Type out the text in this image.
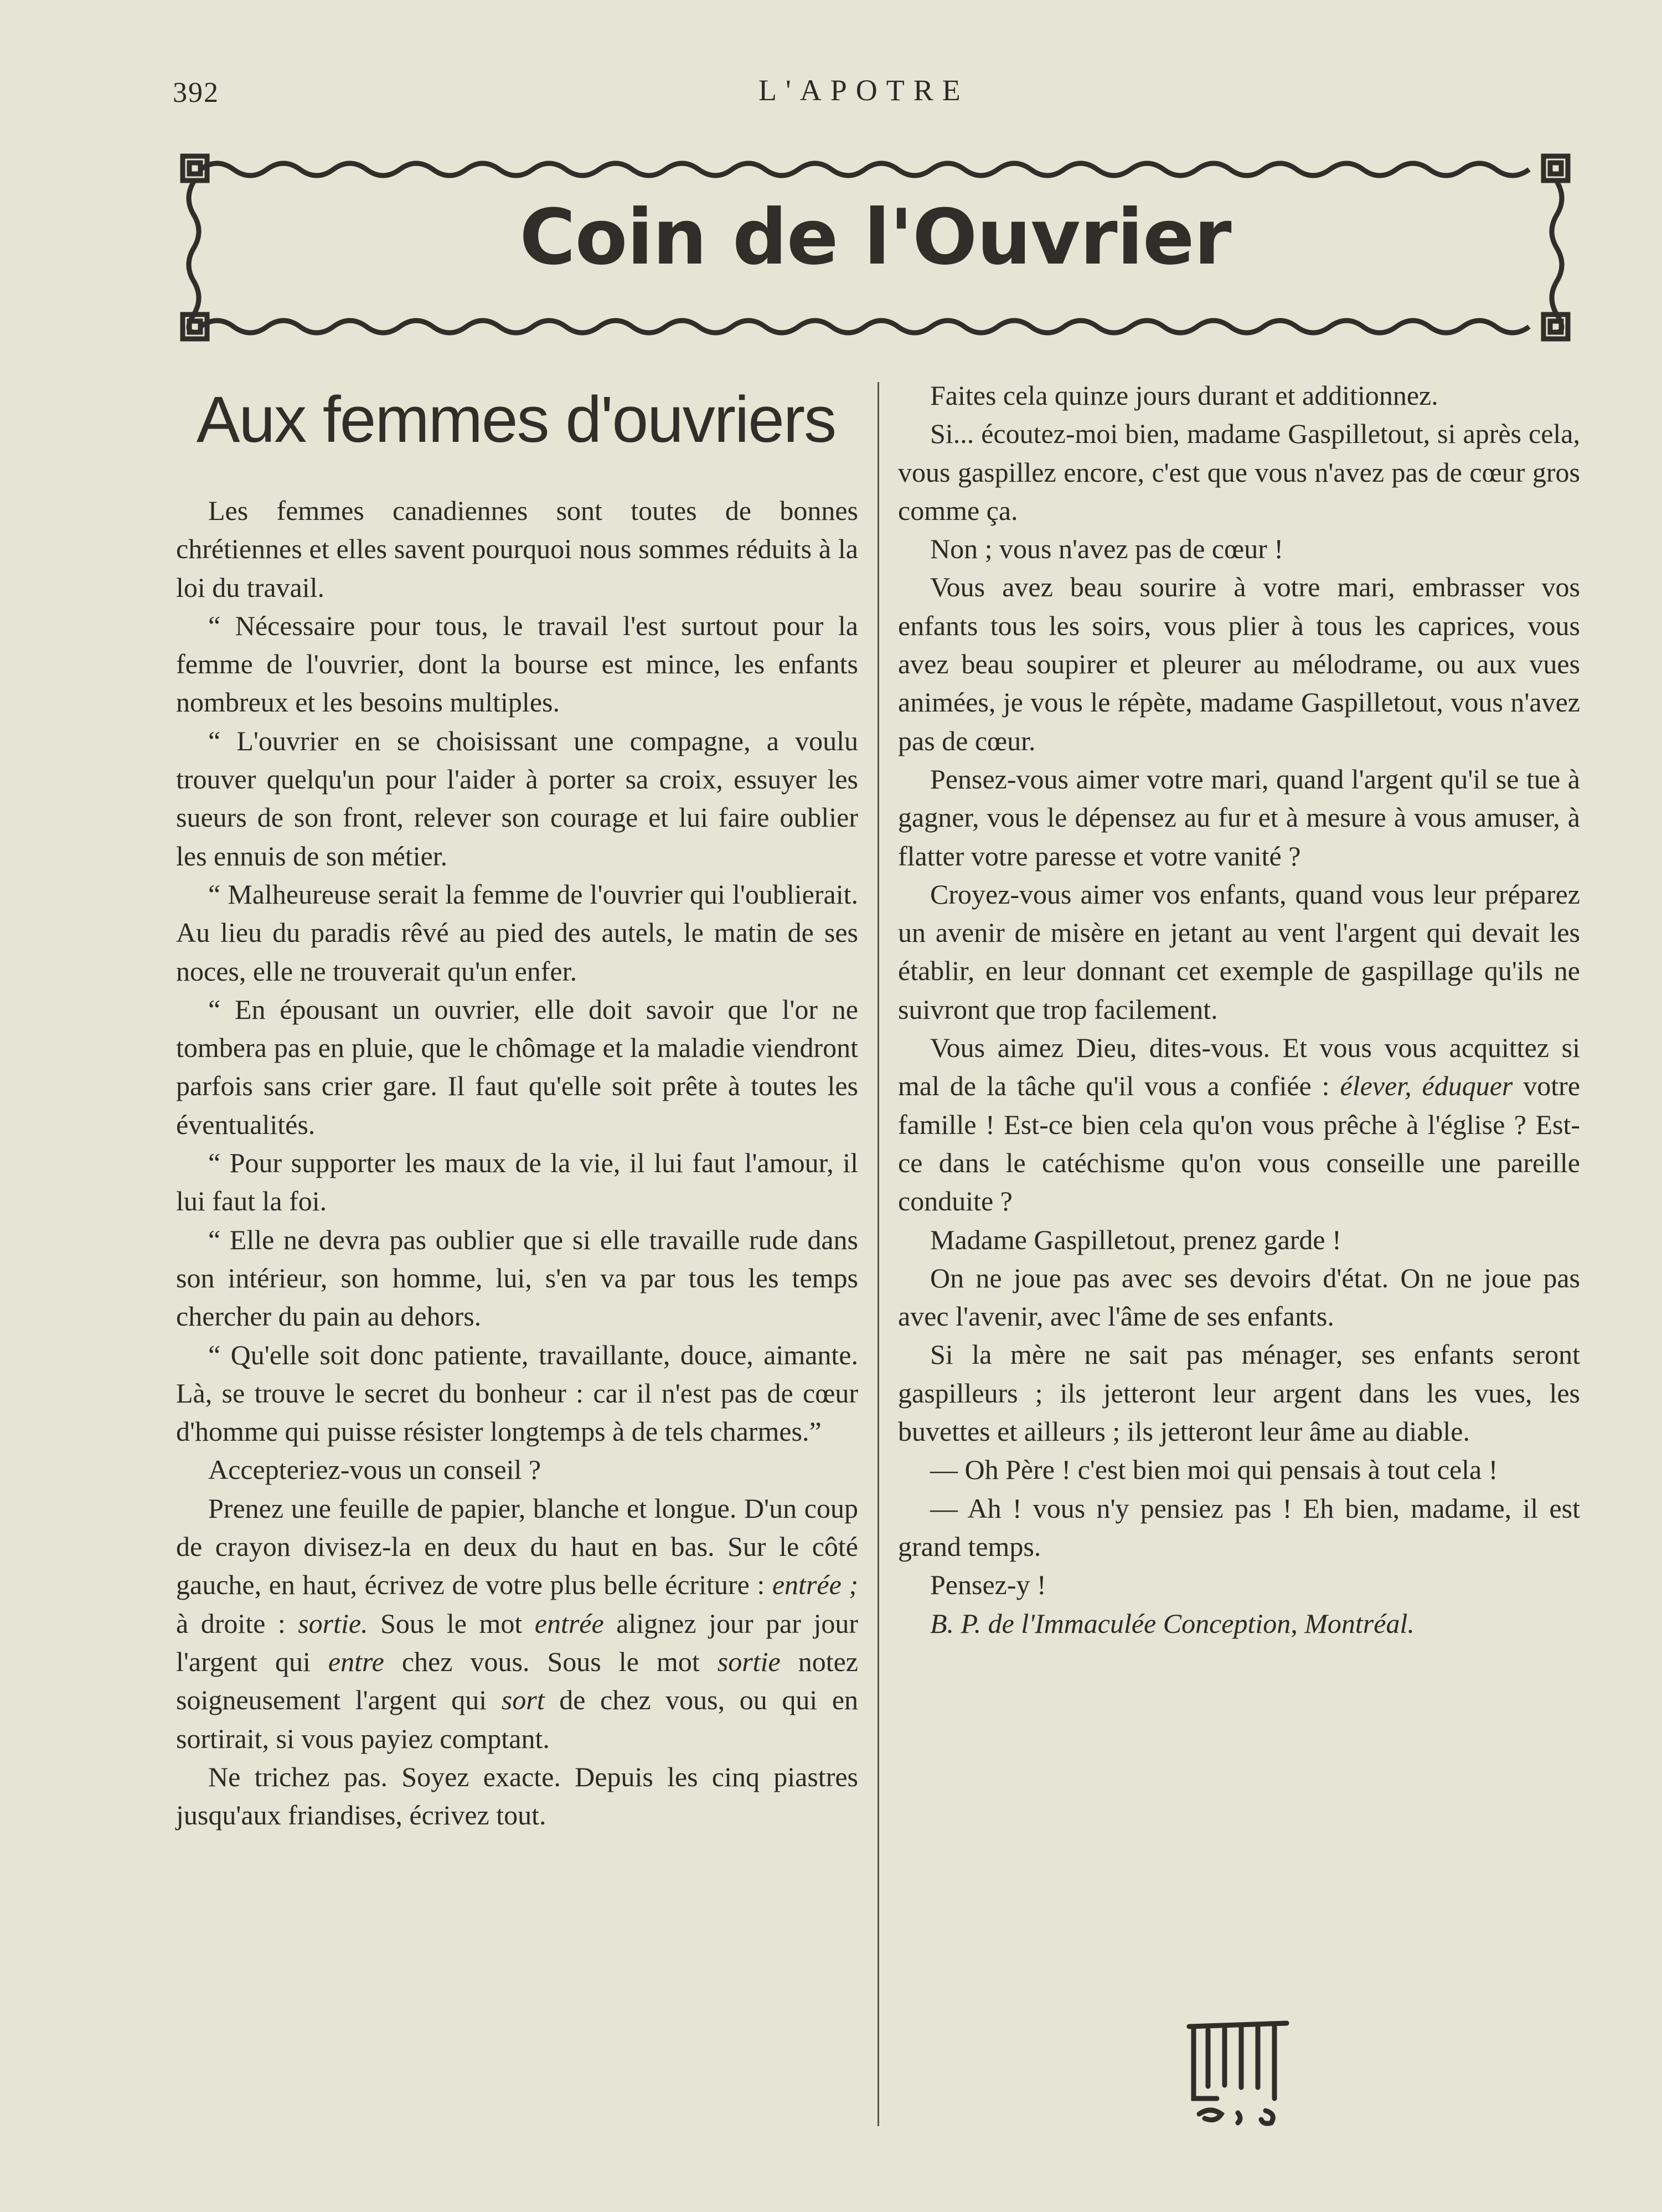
392	L'APOTRE
Coin de l'Ouvrier
Aux femmes d'ouvriers

Les femmes canadiennes sont toutes de bonnes chrétiennes et elles savent pourquoi nous sommes réduits à la loi du travail.

“ Nécessaire pour tous, le travail l'est surtout pour la femme de l'ouvrier, dont la bourse est mince, les enfants nombreux et les besoins multiples.

“ L'ouvrier en se choisissant une compagne, a voulu trouver quelqu'un pour l'aider à porter sa croix, essuyer les sueurs de son front, relever son courage et lui faire oublier les ennuis de son métier.

“ Malheureuse serait la femme de l'ouvrier qui l'oublierait. Au lieu du paradis rêvé au pied des autels, le matin de ses noces, elle ne trouverait qu'un enfer.

“ En épousant un ouvrier, elle doit savoir que l'or ne tombera pas en pluie, que le chômage et la maladie viendront parfois sans crier gare. Il faut qu'elle soit prête à toutes les éventualités.

“ Pour supporter les maux de la vie, il lui faut l'amour, il lui faut la foi.

“ Elle ne devra pas oublier que si elle travaille rude dans son intérieur, son homme, lui, s'en va par tous les temps chercher du pain au dehors.

“ Qu'elle soit donc patiente, travaillante, douce, aimante. Là, se trouve le secret du bonheur : car il n'est pas de cœur d'homme qui puisse résister longtemps à de tels charmes.”

Accepteriez-vous un conseil ?

Prenez une feuille de papier, blanche et longue. D'un coup de crayon divisez-la en deux du haut en bas. Sur le côté gauche, en haut, écrivez de votre plus belle écriture : entrée ; à droite : sortie. Sous le mot entrée alignez jour par jour l'argent qui entre chez vous. Sous le mot sortie notez soigneusement l'argent qui sort de chez vous, ou qui en sortirait, si vous payiez comptant.

Ne trichez pas. Soyez exacte. Depuis les cinq piastres jusqu'aux friandises, écrivez tout.

Faites cela quinze jours durant et additionnez.

Si... écoutez-moi bien, madame Gaspilletout, si après cela, vous gaspillez encore, c'est que vous n'avez pas de cœur gros comme ça.

Non ; vous n'avez pas de cœur !

Vous avez beau sourire à votre mari, embrasser vos enfants tous les soirs, vous plier à tous les caprices, vous avez beau soupirer et pleurer au mélodrame, ou aux vues animées, je vous le répète, madame Gaspilletout, vous n'avez pas de cœur.

Pensez-vous aimer votre mari, quand l'argent qu'il se tue à gagner, vous le dépensez au fur et à mesure à vous amuser, à flatter votre paresse et votre vanité ?

Croyez-vous aimer vos enfants, quand vous leur préparez un avenir de misère en jetant au vent l'argent qui devait les établir, en leur donnant cet exemple de gaspillage qu'ils ne suivront que trop facilement.

Vous aimez Dieu, dites-vous. Et vous vous acquittez si mal de la tâche qu'il vous a confiée : élever, éduquer votre famille ! Est-ce bien cela qu'on vous prêche à l'église ? Est-ce dans le catéchisme qu'on vous conseille une pareille conduite ?

Madame Gaspilletout, prenez garde !

On ne joue pas avec ses devoirs d'état. On ne joue pas avec l'avenir, avec l'âme de ses enfants.

Si la mère ne sait pas ménager, ses enfants seront gaspilleurs ; ils jetteront leur argent dans les vues, les buvettes et ailleurs ; ils jetteront leur âme au diable.

— Oh Père ! c'est bien moi qui pensais à tout cela !

— Ah ! vous n'y pensiez pas ! Eh bien, madame, il est grand temps.

Pensez-y !

B. P. de l'Immaculée Conception, Montréal.
